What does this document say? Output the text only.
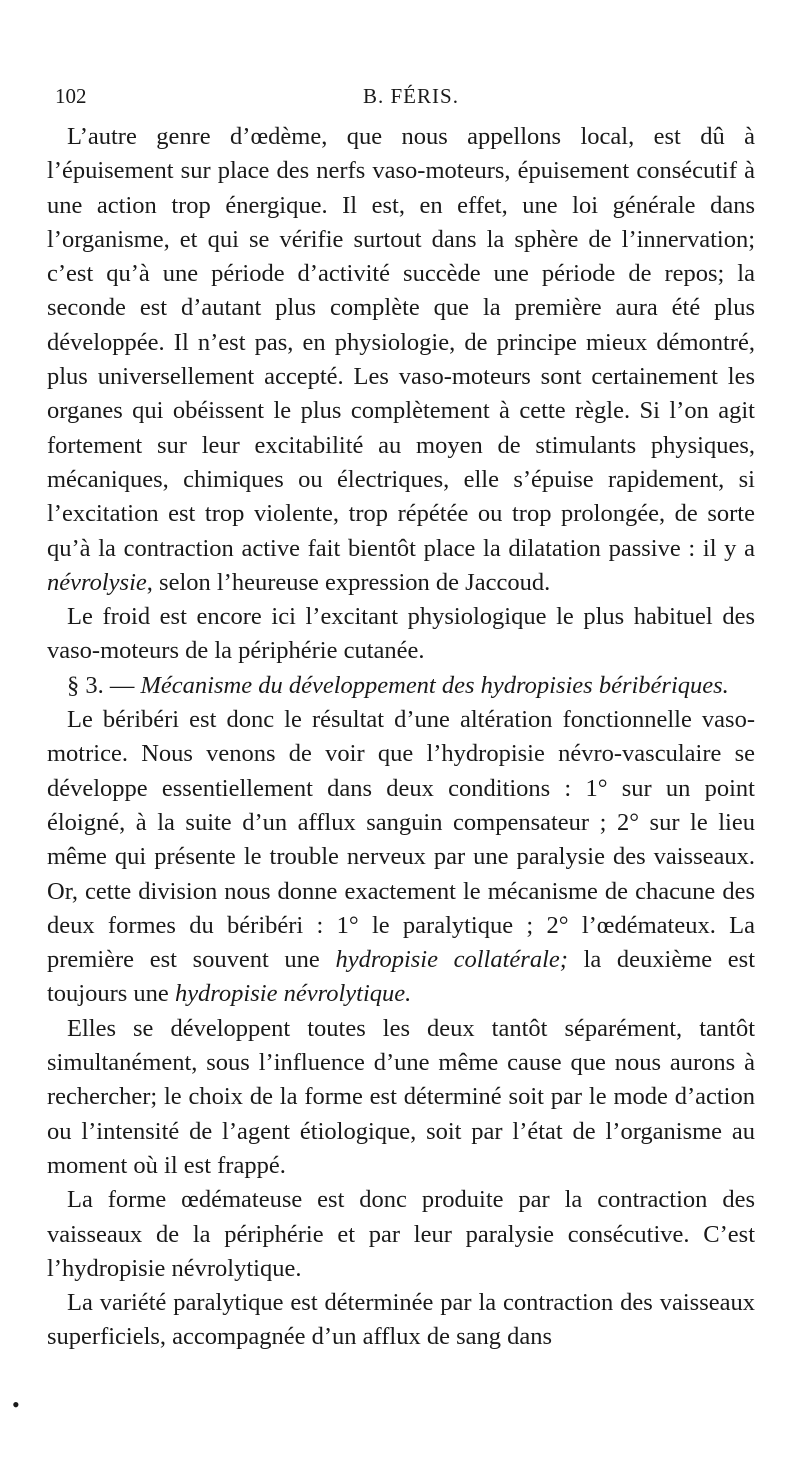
102	B. FÉRIS.

L’autre genre d’œdème, que nous appellons local, est dû à l’épuisement sur place des nerfs vaso-moteurs, épuisement consécutif à une action trop énergique. Il est, en effet, une loi générale dans l’organisme, et qui se vérifie surtout dans la sphère de l’innervation; c’est qu’à une période d’activité succède une période de repos; la seconde est d’autant plus complète que la première aura été plus développée. Il n’est pas, en physiologie, de principe mieux démontré, plus universellement accepté. Les vaso-moteurs sont certainement les organes qui obéissent le plus complètement à cette règle. Si l’on agit fortement sur leur excitabilité au moyen de stimulants physiques, mécaniques, chimiques ou électriques, elle s’épuise rapidement, si l’excitation est trop violente, trop répétée ou trop prolongée, de sorte qu’à la contraction active fait bientôt place la dilatation passive : il y a névrolysie, selon l’heureuse expression de Jaccoud.

Le froid est encore ici l’excitant physiologique le plus habituel des vaso-moteurs de la périphérie cutanée.

§ 3. — Mécanisme du développement des hydropisies béribériques.

Le béribéri est donc le résultat d’une altération fonctionnelle vaso-motrice. Nous venons de voir que l’hydropisie névro-vasculaire se développe essentiellement dans deux conditions : 1° sur un point éloigné, à la suite d’un afflux sanguin compensateur ; 2° sur le lieu même qui présente le trouble nerveux par une paralysie des vaisseaux. Or, cette division nous donne exactement le mécanisme de chacune des deux formes du béribéri : 1° le paralytique ; 2° l’œdémateux. La première est souvent une hydropisie collatérale; la deuxième est toujours une hydropisie névrolytique.

Elles se développent toutes les deux tantôt séparément, tantôt simultanément, sous l’influence d’une même cause que nous aurons à rechercher; le choix de la forme est déterminé soit par le mode d’action ou l’intensité de l’agent étiologique, soit par l’état de l’organisme au moment où il est frappé.

La forme œdémateuse est donc produite par la contraction des vaisseaux de la périphérie et par leur paralysie consécutive. C’est l’hydropisie névrolytique.

La variété paralytique est déterminée par la contraction des vaisseaux superficiels, accompagnée d’un afflux de sang dans

•
